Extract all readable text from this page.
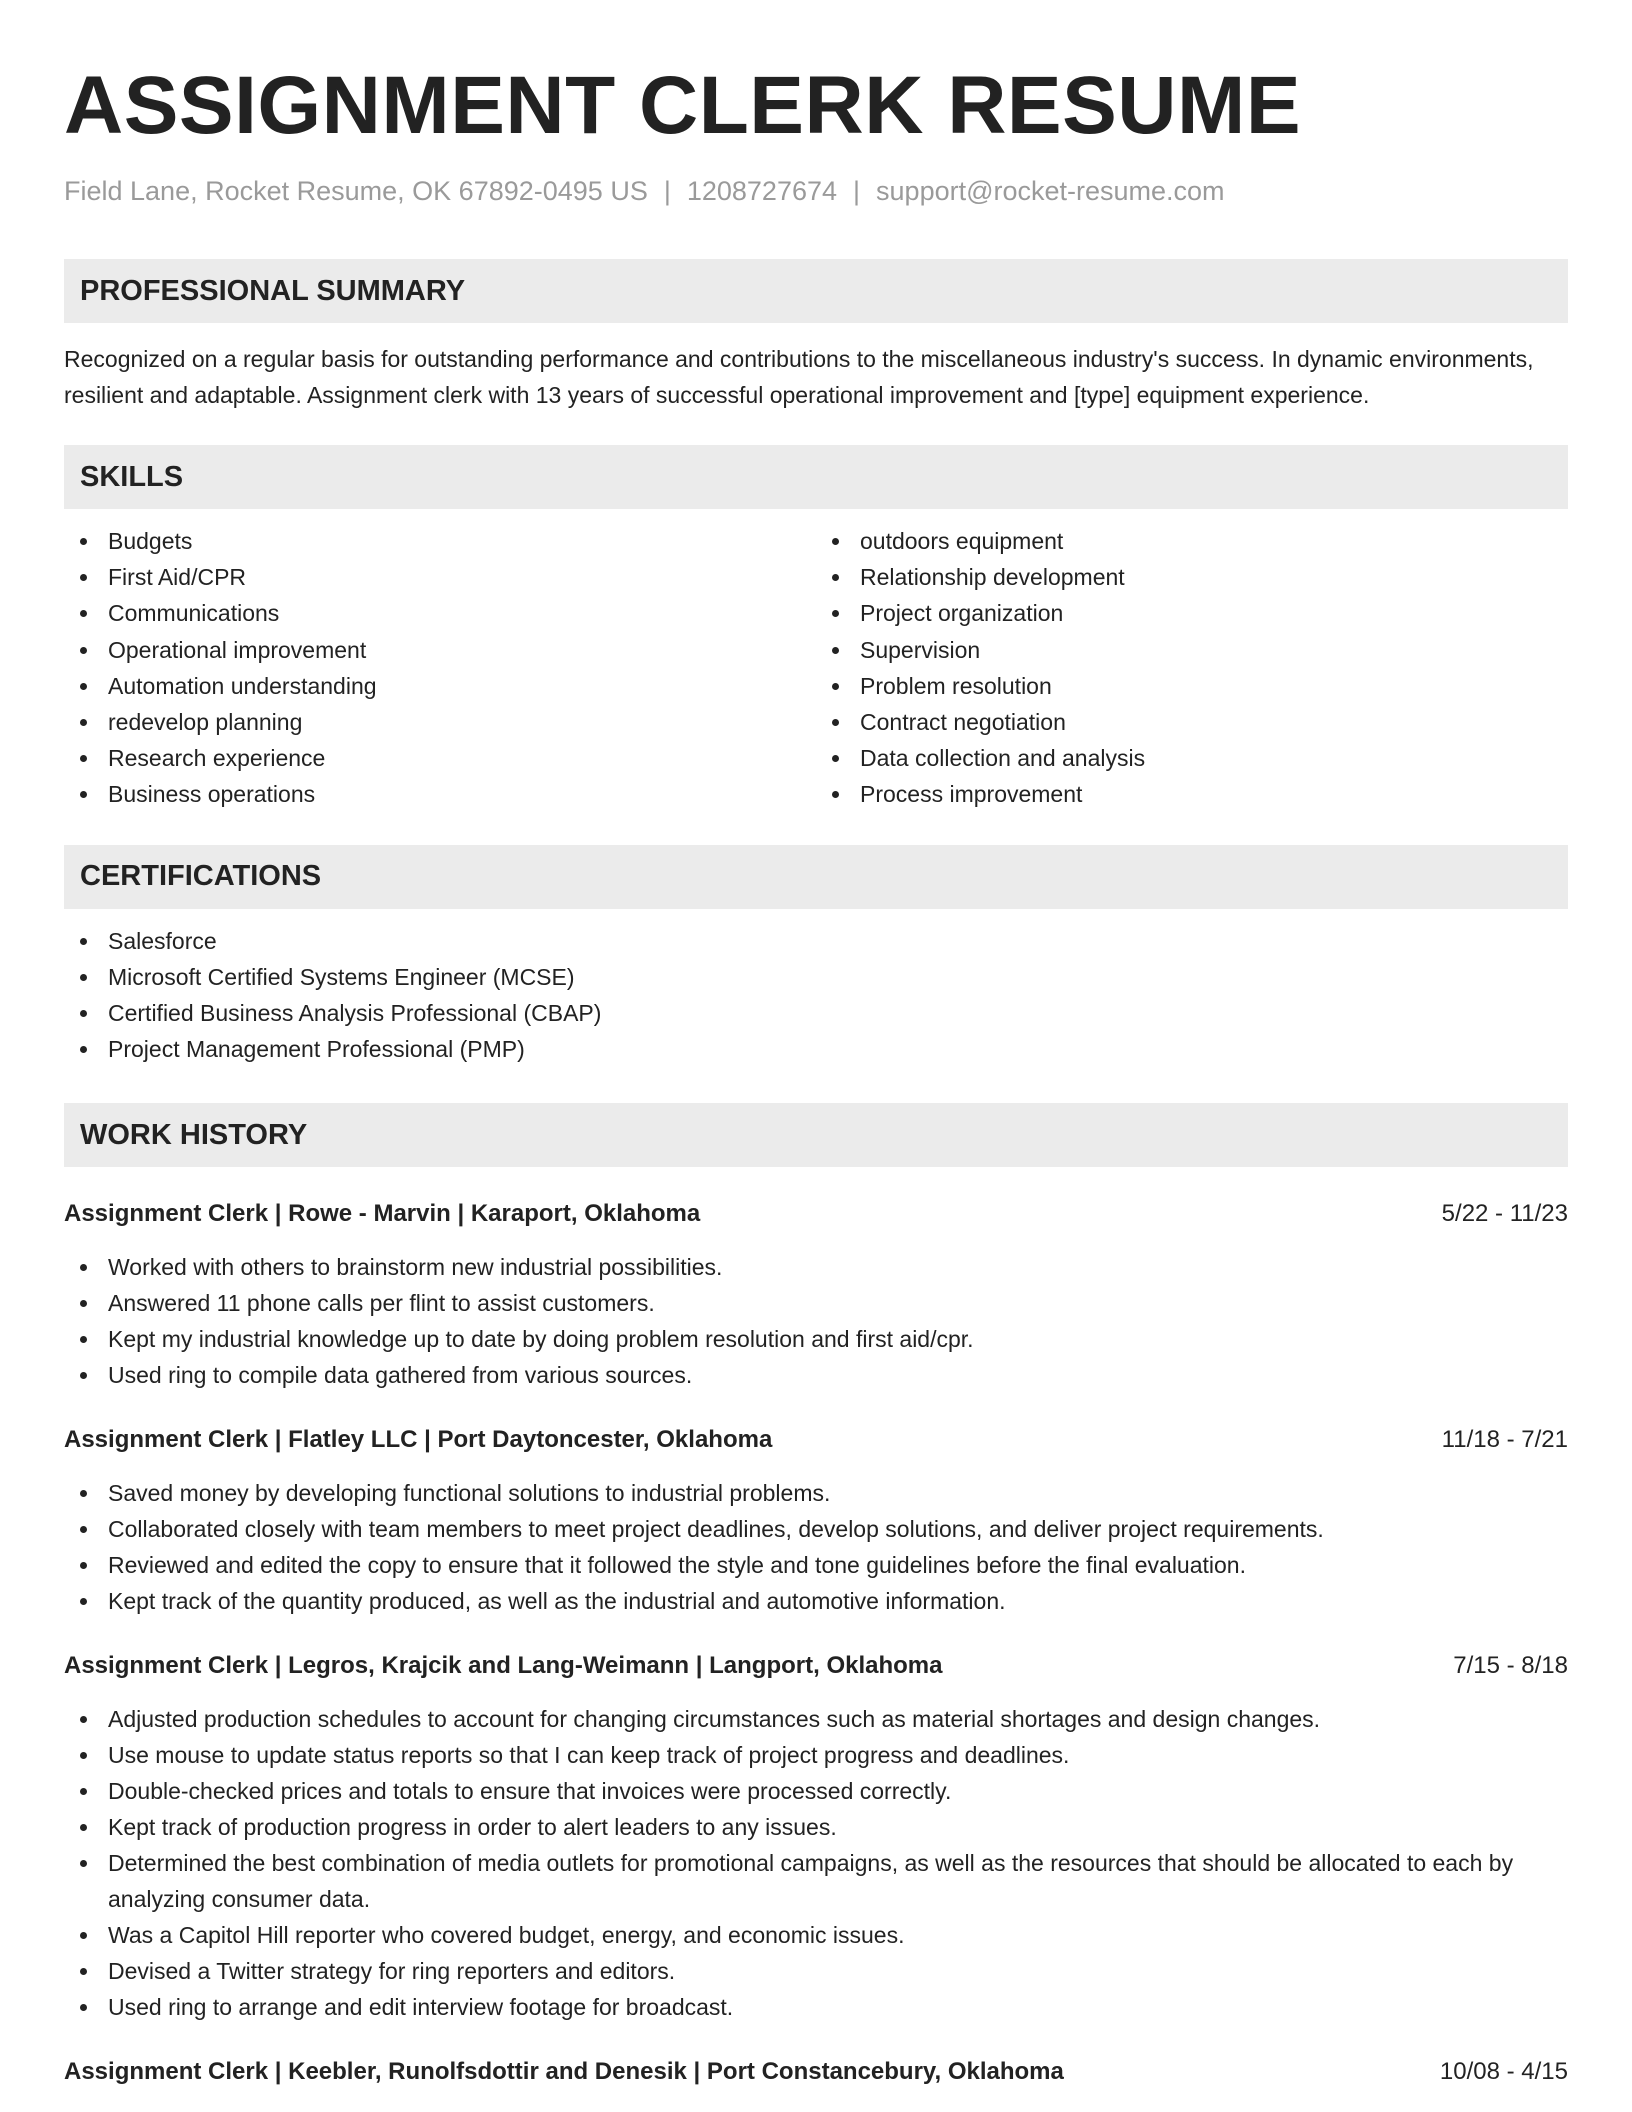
ASSIGNMENT CLERK RESUME
Field Lane, Rocket Resume, OK 67892-0495 US | 1208727674 | support@rocket-resume.com
PROFESSIONAL SUMMARY

Recognized on a regular basis for outstanding performance and contributions to the miscellaneous industry's success. In dynamic environments, resilient and adaptable. Assignment clerk with 13 years of successful operational improvement and [type] equipment experience.

SKILLS
Budgets
First Aid/CPR
Communications
Operational improvement
Automation understanding
redevelop planning
Research experience
Business operations
outdoors equipment
Relationship development
Project organization
Supervision
Problem resolution
Contract negotiation
Data collection and analysis
Process improvement
CERTIFICATIONS
Salesforce
Microsoft Certified Systems Engineer (MCSE)
Certified Business Analysis Professional (CBAP)
Project Management Professional (PMP)
WORK HISTORY
Assignment Clerk | Rowe - Marvin | Karaport, Oklahoma	5/22 - 11/23
Worked with others to brainstorm new industrial possibilities.
Answered 11 phone calls per flint to assist customers.
Kept my industrial knowledge up to date by doing problem resolution and first aid/cpr.
Used ring to compile data gathered from various sources.
Assignment Clerk | Flatley LLC | Port Daytoncester, Oklahoma	11/18 - 7/21
Saved money by developing functional solutions to industrial problems.
Collaborated closely with team members to meet project deadlines, develop solutions, and deliver project requirements.
Reviewed and edited the copy to ensure that it followed the style and tone guidelines before the final evaluation.
Kept track of the quantity produced, as well as the industrial and automotive information.
Assignment Clerk | Legros, Krajcik and Lang-Weimann | Langport, Oklahoma	7/15 - 8/18
Adjusted production schedules to account for changing circumstances such as material shortages and design changes.
Use mouse to update status reports so that I can keep track of project progress and deadlines.
Double-checked prices and totals to ensure that invoices were processed correctly.
Kept track of production progress in order to alert leaders to any issues.
Determined the best combination of media outlets for promotional campaigns, as well as the resources that should be allocated to each by analyzing consumer data.
Was a Capitol Hill reporter who covered budget, energy, and economic issues.
Devised a Twitter strategy for ring reporters and editors.
Used ring to arrange and edit interview footage for broadcast.
Assignment Clerk | Keebler, Runolfsdottir and Denesik | Port Constancebury, Oklahoma	10/08 - 4/15
